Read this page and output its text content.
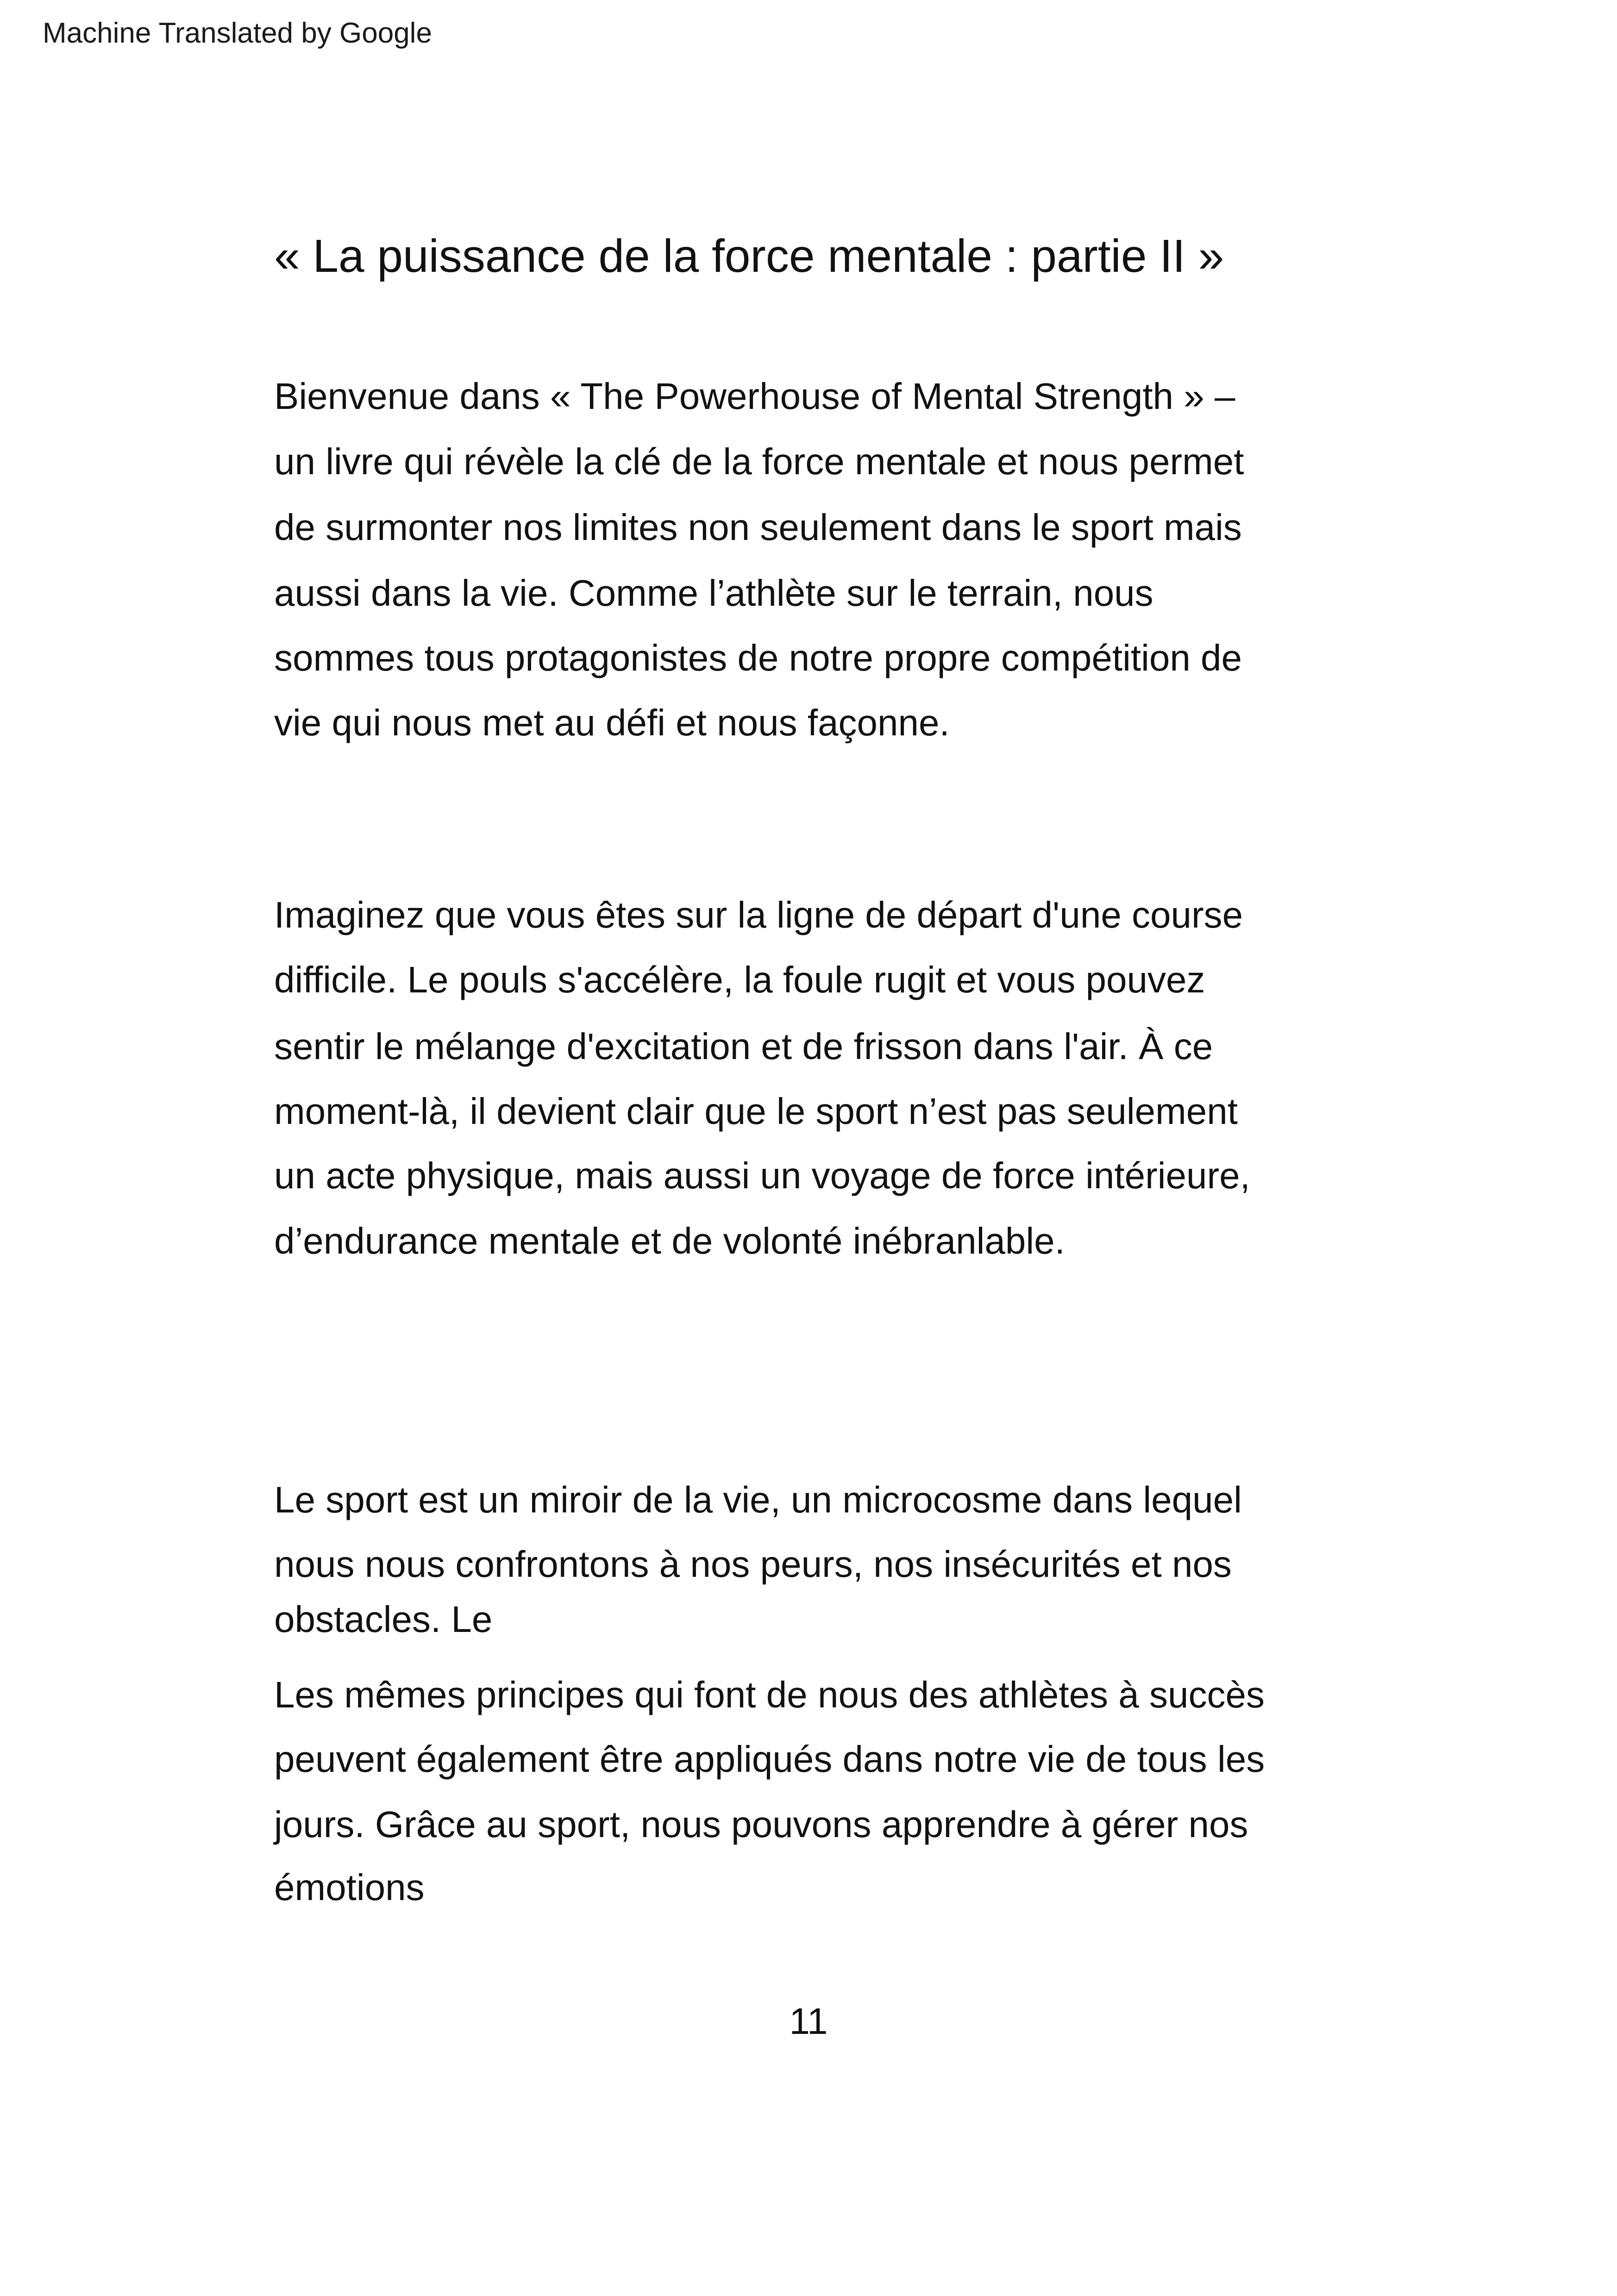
Machine Translated by Google
« La puissance de la force mentale : partie II »
Bienvenue dans « The Powerhouse of Mental Strength » –
un livre qui révèle la clé de la force mentale et nous permet
de surmonter nos limites non seulement dans le sport mais
aussi dans la vie. Comme l’athlète sur le terrain, nous
sommes tous protagonistes de notre propre compétition de
vie qui nous met au défi et nous façonne.
Imaginez que vous êtes sur la ligne de départ d'une course
difficile. Le pouls s'accélère, la foule rugit et vous pouvez
sentir le mélange d'excitation et de frisson dans l'air. À ce
moment-là, il devient clair que le sport n’est pas seulement
un acte physique, mais aussi un voyage de force intérieure,
d’endurance mentale et de volonté inébranlable.
Le sport est un miroir de la vie, un microcosme dans lequel
nous nous confrontons à nos peurs, nos insécurités et nos
obstacles. Le
Les mêmes principes qui font de nous des athlètes à succès
peuvent également être appliqués dans notre vie de tous les
jours. Grâce au sport, nous pouvons apprendre à gérer nos
émotions
11
